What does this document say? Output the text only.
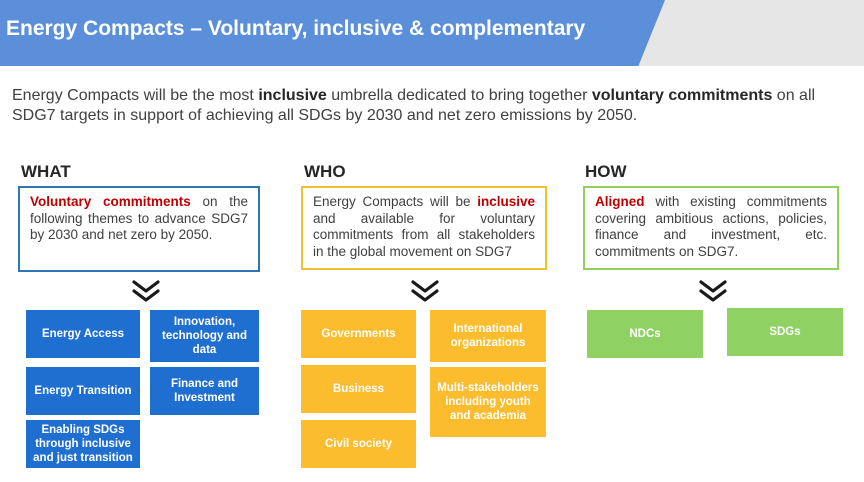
Energy Compacts – Voluntary, inclusive & complementary

Energy Compacts will be the most inclusive umbrella dedicated to bring together voluntary commitments on all SDG7 targets in support of achieving all SDGs by 2030 and net zero emissions by 2050.

WHAT
Voluntary commitments on the following themes to advance SDG7 by 2030 and net zero by 2050.
Energy Access
Innovation, technology and data
Energy Transition
Finance and Investment
Enabling SDGs through inclusive and just transition
WHO
Energy Compacts will be inclusive and available for voluntary commitments from all stakeholders in the global movement on SDG7
Governments	International organizations
Business	Multi-stakeholders including youth and academia
Civil society
HOW
Aligned with existing commitments covering ambitious actions, policies, finance and investment, etc. commitments on SDG7.
NDCs	SDGs
